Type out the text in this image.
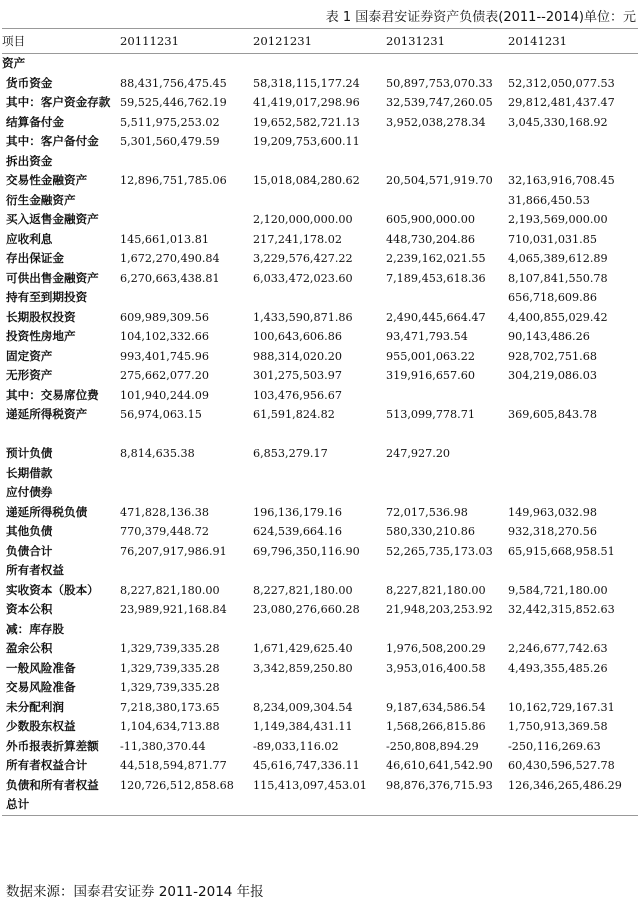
表 1 国泰君安证券资产负债表(2011--2014)单位：元
项目	20111231	20121231	20131231	20141231
资产				
货币资金	88,431,756,475.45	58,318,115,177.24	50,897,753,070.33	52,312,050,077.53
其中：客户资金存款	59,525,446,762.19	41,419,017,298.96	32,539,747,260.05	29,812,481,437.47
结算备付金	5,511,975,253.02	19,652,582,721.13	3,952,038,278.34	3,045,330,168.92
其中：客户备付金	5,301,560,479.59	19,209,753,600.11		
拆出资金				
交易性金融资产	12,896,751,785.06	15,018,084,280.62	20,504,571,919.70	32,163,916,708.45
衍生金融资产				31,866,450.53
买入返售金融资产		2,120,000,000.00	605,900,000.00	2,193,569,000.00
应收利息	145,661,013.81	217,241,178.02	448,730,204.86	710,031,031.85
存出保证金	1,672,270,490.84	3,229,576,427.22	2,239,162,021.55	4,065,389,612.89
可供出售金融资产	6,270,663,438.81	6,033,472,023.60	7,189,453,618.36	8,107,841,550.78
持有至到期投资				656,718,609.86
长期股权投资	609,989,309.56	1,433,590,871.86	2,490,445,664.47	4,400,855,029.42
投资性房地产	104,102,332.66	100,643,606.86	93,471,793.54	90,143,486.26
固定资产	993,401,745.96	988,314,020.20	955,001,063.22	928,702,751.68
无形资产	275,662,077.20	301,275,503.97	319,916,657.60	304,219,086.03
其中：交易席位费	101,940,244.09	103,476,956.67		
递延所得税资产	56,974,063.15	61,591,824.82	513,099,778.71	369,605,843.78

预计负债	8,814,635.38	6,853,279.17	247,927.20	
长期借款				
应付债券				
递延所得税负债	471,828,136.38	196,136,179.16	72,017,536.98	149,963,032.98
其他负债	770,379,448.72	624,539,664.16	580,330,210.86	932,318,270.56
负债合计	76,207,917,986.91	69,796,350,116.90	52,265,735,173.03	65,915,668,958.51
所有者权益				
实收资本（股本）	8,227,821,180.00	8,227,821,180.00	8,227,821,180.00	9,584,721,180.00
资本公积	23,989,921,168.84	23,080,276,660.28	21,948,203,253.92	32,442,315,852.63
减：库存股				
盈余公积	1,329,739,335.28	1,671,429,625.40	1,976,508,200.29	2,246,677,742.63
一般风险准备	1,329,739,335.28	3,342,859,250.80	3,953,016,400.58	4,493,355,485.26
交易风险准备	1,329,739,335.28			
未分配利润	7,218,380,173.65	8,234,009,304.54	9,187,634,586.54	10,162,729,167.31
少数股东权益	1,104,634,713.88	1,149,384,431.11	1,568,266,815.86	1,750,913,369.58
外币报表折算差额	-11,380,370.44	-89,033,116.02	-250,808,894.29	-250,116,269.63
所有者权益合计	44,518,594,871.77	45,616,747,336.11	46,610,641,542.90	60,430,596,527.78
负债和所有者权益	120,726,512,858.68	115,413,097,453.01	98,876,376,715.93	126,346,265,486.29
总计				
数据来源：国泰君安证券 2011-2014 年报
